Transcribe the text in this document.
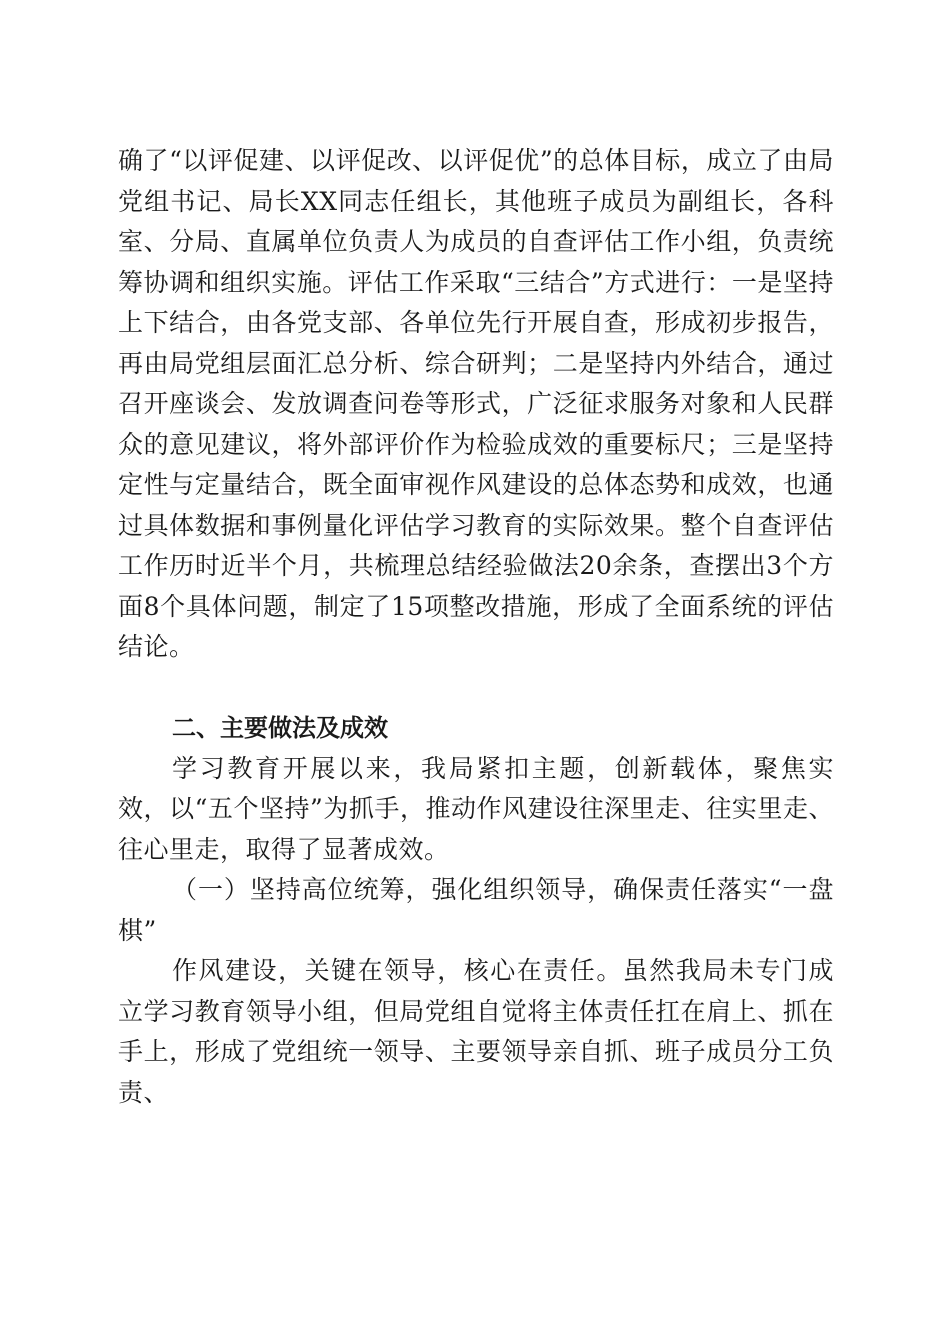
确了“以评促建、以评促改、以评促优”的总体目标，成立了由局党组书记、局长XX同志任组长，其他班子成员为副组长，各科室、分局、直属单位负责人为成员的自查评估工作小组，负责统筹协调和组织实施。评估工作采取“三结合”方式进行：一是坚持上下结合，由各党支部、各单位先行开展自查，形成初步报告，再由局党组层面汇总分析、综合研判；二是坚持内外结合，通过召开座谈会、发放调查问卷等形式，广泛征求服务对象和人民群众的意见建议，将外部评价作为检验成效的重要标尺；三是坚持定性与定量结合，既全面审视作风建设的总体态势和成效，也通过具体数据和事例量化评估学习教育的实际效果。整个自查评估工作历时近半个月，共梳理总结经验做法20余条，查摆出3个方面8个具体问题，制定了15项整改措施，形成了全面系统的评估结论。

二、主要做法及成效

学习教育开展以来，我局紧扣主题，创新载体，聚焦实效，以“五个坚持”为抓手，推动作风建设往深里走、往实里走、往心里走，取得了显著成效。

（一）坚持高位统筹，强化组织领导，确保责任落实“一盘棋”

作风建设，关键在领导，核心在责任。虽然我局未专门成立学习教育领导小组，但局党组自觉将主体责任扛在肩上、抓在手上，形成了党组统一领导、主要领导亲自抓、班子成员分工负责、
